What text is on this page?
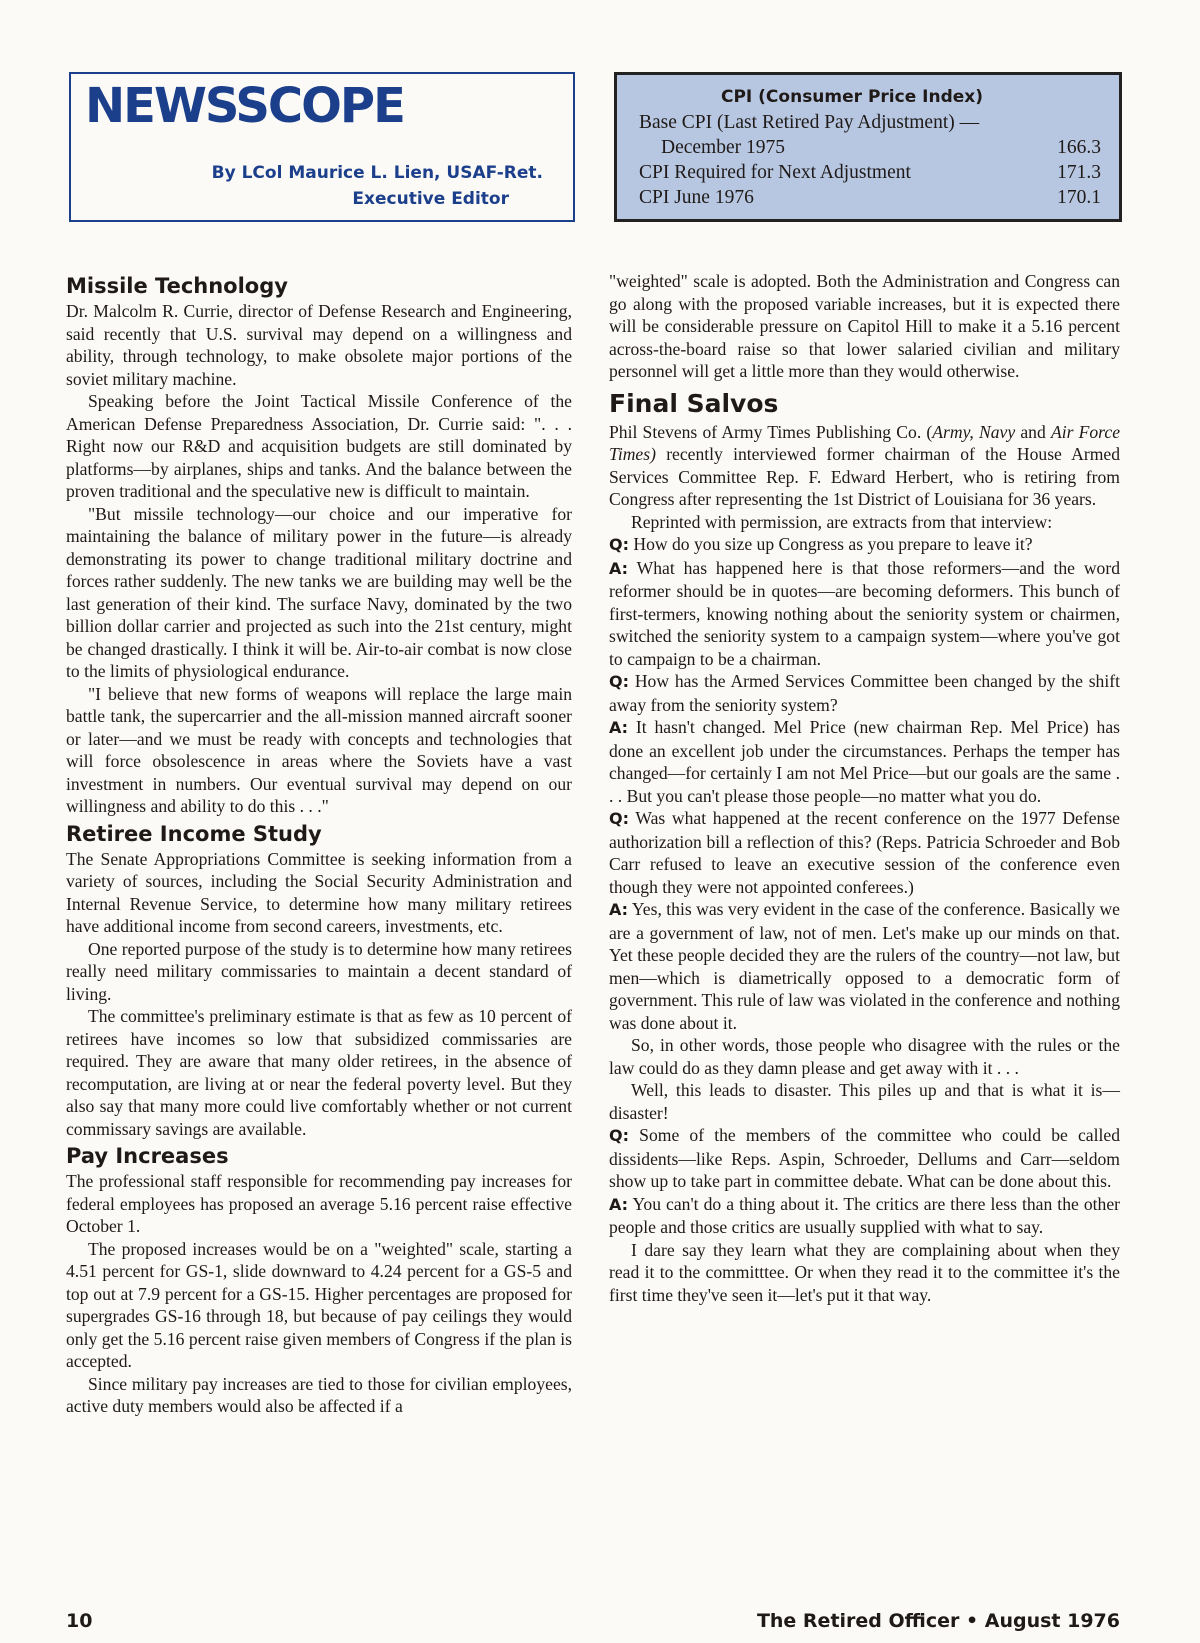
NEWSSCOPE
By LCol Maurice L. Lien, USAF-Ret.
Executive Editor
CPI (Consumer Price Index)
Base CPI (Last Retired Pay Adjustment) —
December 1975	166.3
CPI Required for Next Adjustment	171.3
CPI June 1976	170.1
Missile Technology

Dr. Malcolm R. Currie, director of Defense Research and Engineering, said recently that U.S. survival may depend on a willingness and ability, through technology, to make obsolete major portions of the soviet military machine.

Speaking before the Joint Tactical Missile Conference of the American Defense Preparedness Association, Dr. Currie said: ". . . Right now our R&D and acquisition budgets are still dominated by platforms—by airplanes, ships and tanks. And the balance between the proven traditional and the speculative new is difficult to maintain.

"But missile technology—our choice and our imperative for maintaining the balance of military power in the future—is already demonstrating its power to change traditional military doctrine and forces rather suddenly. The new tanks we are building may well be the last generation of their kind. The surface Navy, dominated by the two billion dollar carrier and projected as such into the 21st century, might be changed drastically. I think it will be. Air-to-air combat is now close to the limits of physiological endurance.

"I believe that new forms of weapons will replace the large main battle tank, the supercarrier and the all-mission manned aircraft sooner or later—and we must be ready with concepts and technologies that will force obsolescence in areas where the Soviets have a vast investment in numbers. Our eventual survival may depend on our willingness and ability to do this . . ."

Retiree Income Study

The Senate Appropriations Committee is seeking information from a variety of sources, including the Social Security Administration and Internal Revenue Service, to determine how many military retirees have additional income from second careers, investments, etc.

One reported purpose of the study is to determine how many retirees really need military commissaries to maintain a decent standard of living.

The committee's preliminary estimate is that as few as 10 percent of retirees have incomes so low that subsidized commissaries are required. They are aware that many older retirees, in the absence of recomputation, are living at or near the federal poverty level. But they also say that many more could live comfortably whether or not current commissary savings are available.

Pay Increases

The professional staff responsible for recommending pay increases for federal employees has proposed an average 5.16 percent raise effective October 1.

The proposed increases would be on a "weighted" scale, starting a 4.51 percent for GS-1, slide downward to 4.24 percent for a GS-5 and top out at 7.9 percent for a GS-15. Higher percentages are proposed for supergrades GS-16 through 18, but because of pay ceilings they would only get the 5.16 percent raise given members of Congress if the plan is accepted.

Since military pay increases are tied to those for civilian employees, active duty members would also be affected if a

"weighted" scale is adopted. Both the Administration and Congress can go along with the proposed variable increases, but it is expected there will be considerable pressure on Capitol Hill to make it a 5.16 percent across-the-board raise so that lower salaried civilian and military personnel will get a little more than they would otherwise.

Final Salvos

Phil Stevens of Army Times Publishing Co. (Army, Navy and Air Force Times) recently interviewed former chairman of the House Armed Services Committee Rep. F. Edward Herbert, who is retiring from Congress after representing the 1st District of Louisiana for 36 years.

Reprinted with permission, are extracts from that interview:

Q: How do you size up Congress as you prepare to leave it?

A: What has happened here is that those reformers—and the word reformer should be in quotes—are becoming deformers. This bunch of first-termers, knowing nothing about the seniority system or chairmen, switched the seniority system to a campaign system—where you've got to campaign to be a chairman.

Q: How has the Armed Services Committee been changed by the shift away from the seniority system?

A: It hasn't changed. Mel Price (new chairman Rep. Mel Price) has done an excellent job under the circumstances. Perhaps the temper has changed—for certainly I am not Mel Price—but our goals are the same . . . But you can't please those people—no matter what you do.

Q: Was what happened at the recent conference on the 1977 Defense authorization bill a reflection of this? (Reps. Patricia Schroeder and Bob Carr refused to leave an executive session of the conference even though they were not appointed conferees.)

A: Yes, this was very evident in the case of the conference. Basically we are a government of law, not of men. Let's make up our minds on that. Yet these people decided they are the rulers of the country—not law, but men—which is diametrically opposed to a democratic form of government. This rule of law was violated in the conference and nothing was done about it.

So, in other words, those people who disagree with the rules or the law could do as they damn please and get away with it . . .

Well, this leads to disaster. This piles up and that is what it is—disaster!

Q: Some of the members of the committee who could be called dissidents—like Reps. Aspin, Schroeder, Dellums and Carr—seldom show up to take part in committee debate. What can be done about this.

A: You can't do a thing about it. The critics are there less than the other people and those critics are usually supplied with what to say.

I dare say they learn what they are complaining about when they read it to the committtee. Or when they read it to the committee it's the first time they've seen it—let's put it that way.

10	The Retired Officer • August 1976
